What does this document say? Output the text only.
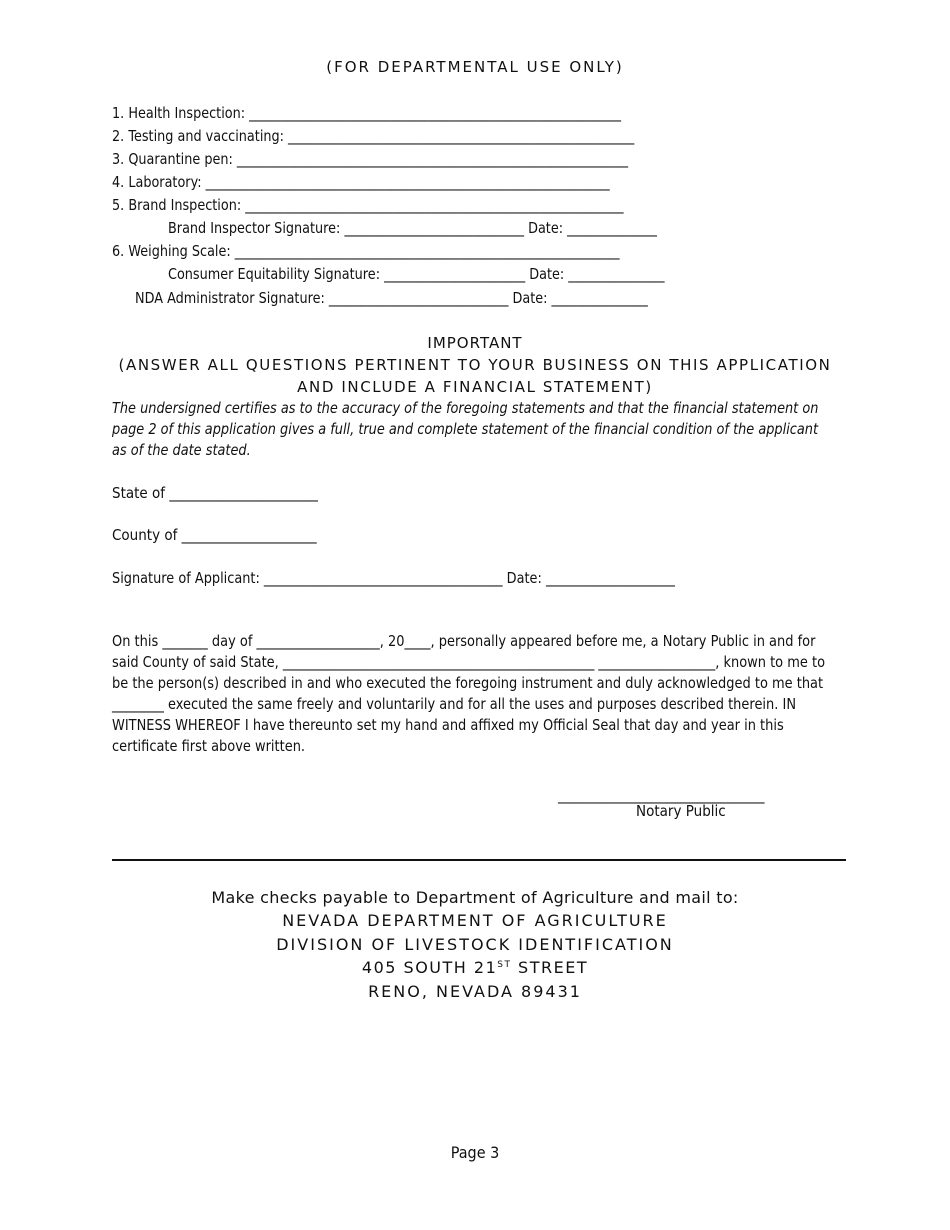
(FOR DEPARTMENTAL USE ONLY)
1. Health Inspection: __________________________________________________________
2. Testing and vaccinating: ______________________________________________________
3. Quarantine pen: _____________________________________________________________
4. Laboratory: _______________________________________________________________
5. Brand Inspection: ___________________________________________________________
Brand Inspector Signature: ____________________________ Date: ______________
6. Weighing Scale: ____________________________________________________________
Consumer Equitability Signature: ______________________ Date: _______________
NDA Administrator Signature: ____________________________ Date: _______________
IMPORTANT
(ANSWER ALL QUESTIONS PERTINENT TO YOUR BUSINESS ON THIS APPLICATION
AND INCLUDE A FINANCIAL STATEMENT)
The undersigned certifies as to the accuracy of the foregoing statements and that the financial statement on page 2 of this application gives a full, true and complete statement of the financial condition of the applicant as of the date stated.
State of ______________________
County of ____________________
Signature of Applicant: _____________________________________ Date: ____________________
On this _______ day of ___________________, 20____, personally appeared before me, a Notary Public in and for said County of said State, ________________________________________________ __________________, known to me to be the person(s) described in and who executed the foregoing instrument and duly acknowledged to me that ________ executed the same freely and voluntarily and for all the uses and purposes described therein. IN WITNESS WHEREOF I have thereunto set my hand and affixed my Official Seal that day and year in this certificate first above written.
________________________________
Notary Public
Make checks payable to Department of Agriculture and mail to:
NEVADA DEPARTMENT OF AGRICULTURE
DIVISION OF LIVESTOCK IDENTIFICATION
405 SOUTH 21ST STREET
RENO, NEVADA 89431
Page 3
